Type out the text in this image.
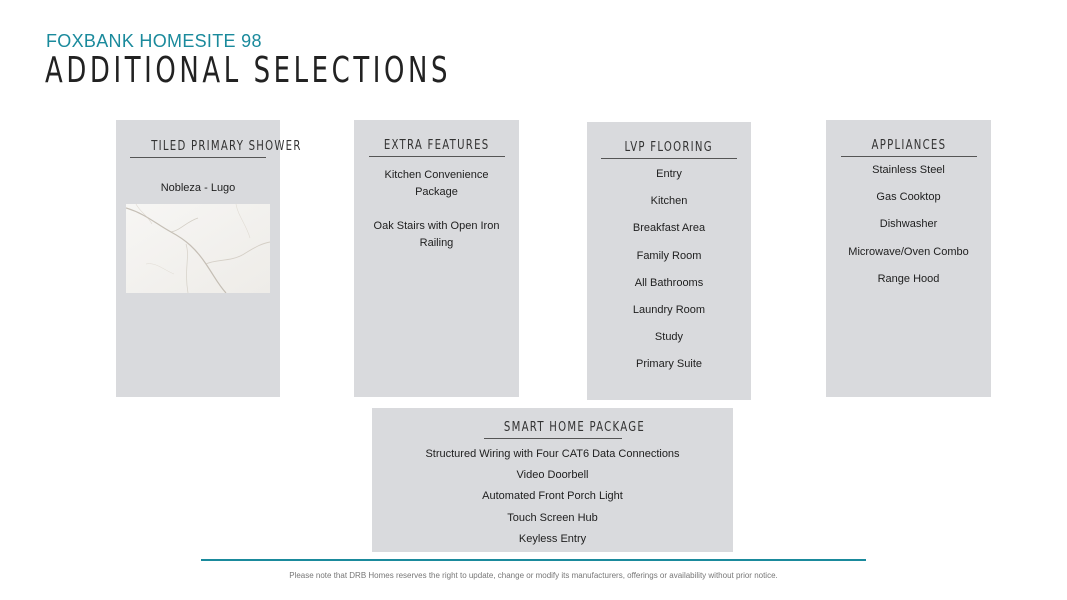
FOXBANK HOMESITE 98
ADDITIONAL SELECTIONS
TILED PRIMARY SHOWER
Nobleza - Lugo
EXTRA FEATURES
Kitchen Convenience Package
Oak Stairs with Open Iron Railing
LVP FLOORING
Entry
Kitchen
Breakfast Area
Family Room
All Bathrooms
Laundry Room
Study
Primary Suite
APPLIANCES
Stainless Steel
Gas Cooktop
Dishwasher
Microwave/Oven Combo
Range Hood
SMART HOME PACKAGE
Structured Wiring with Four CAT6 Data Connections
Video Doorbell
Automated Front Porch Light
Touch Screen Hub
Keyless Entry
Please note that DRB Homes reserves the right to update, change or modify its manufacturers, offerings or availability without prior notice.
